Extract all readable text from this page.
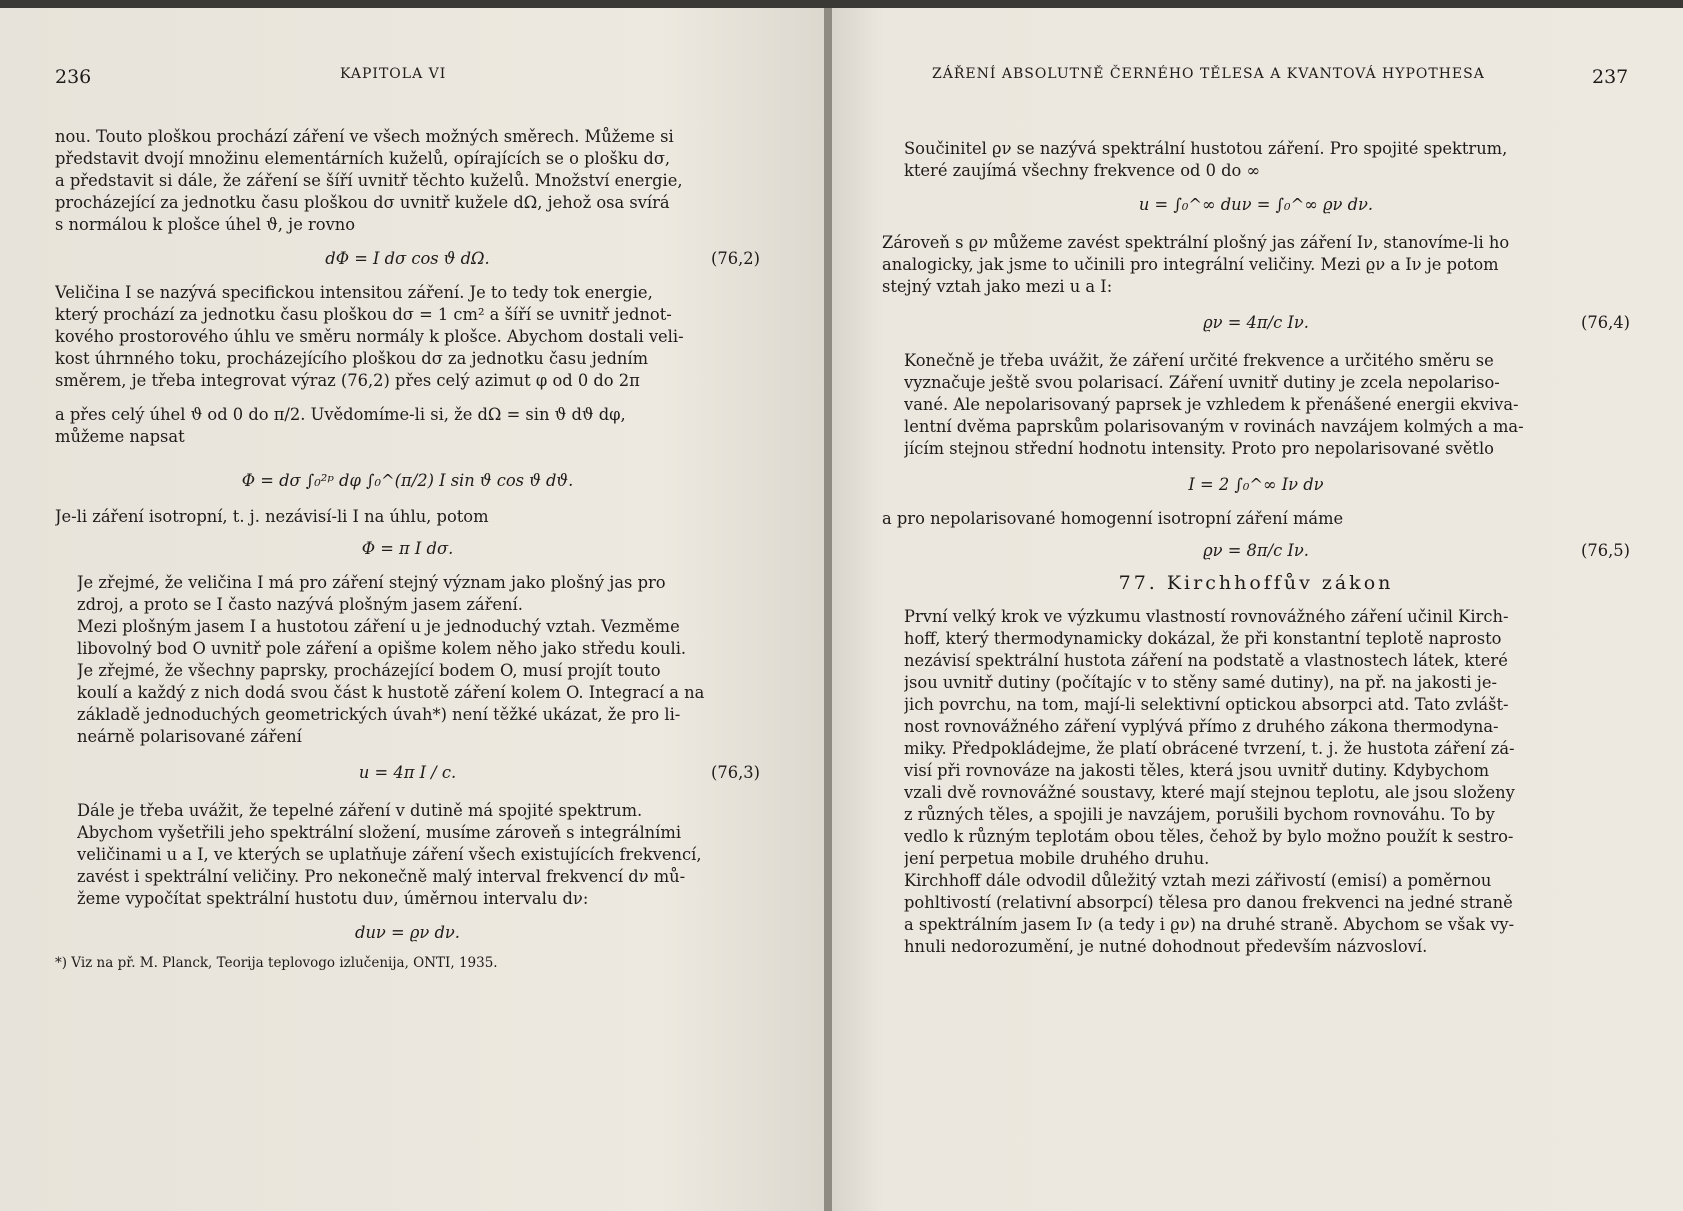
236	KAPITOLA VI
nou. Touto ploškou prochází záření ve všech možných směrech. Můžeme si
představit dvojí množinu elementárních kuželů, opírajících se o plošku dσ,
a představit si dále, že záření se šíří uvnitř těchto kuželů. Množství energie,
procházející za jednotku času ploškou dσ uvnitř kužele dΩ, jehož osa svírá
s normálou k plošce úhel ϑ, je rovno
dΦ = I dσ cos ϑ dΩ.	(76,2)
Veličina I se nazývá specifickou intensitou záření. Je to tedy tok energie,
který prochází za jednotku času ploškou dσ = 1 cm² a šíří se uvnitř jednot-
kového prostorového úhlu ve směru normály k plošce. Abychom dostali veli-
kost úhrnného toku, procházejícího ploškou dσ za jednotku času jedním
směrem, je třeba integrovat výraz (76,2) přes celý azimut φ od 0 do 2π
a přes celý úhel ϑ od 0 do π/2. Uvědomíme-li si, že dΩ = sin ϑ dϑ dφ,
můžeme napsat
Φ = dσ ∫₀²ᵖ dφ ∫₀^(π/2) I sin ϑ cos ϑ dϑ.
Je-li záření isotropní, t. j. nezávisí-li I na úhlu, potom
Φ = π I dσ.
Je zřejmé, že veličina I má pro záření stejný význam jako plošný jas pro
zdroj, a proto se I často nazývá plošným jasem záření.
Mezi plošným jasem I a hustotou záření u je jednoduchý vztah. Vezměme
libovolný bod O uvnitř pole záření a opišme kolem něho jako středu kouli.
Je zřejmé, že všechny paprsky, procházející bodem O, musí projít touto
koulí a každý z nich dodá svou část k hustotě záření kolem O. Integrací a na
základě jednoduchých geometrických úvah*) není těžké ukázat, že pro li-
neárně polarisované záření
u = 4π I / c.	(76,3)
Dále je třeba uvážit, že tepelné záření v dutině má spojité spektrum.
Abychom vyšetřili jeho spektrální složení, musíme zároveň s integrálními
veličinami u a I, ve kterých se uplatňuje záření všech existujících frekvencí,
zavést i spektrální veličiny. Pro nekonečně malý interval frekvencí dν mů-
žeme vypočítat spektrální hustotu duν, úměrnou intervalu dν:
duν = ϱν dν.
*) Viz na př. M. Planck, Teorija teplovogo izlučenija, ONTI, 1935.
ZÁŘENÍ ABSOLUTNĚ ČERNÉHO TĚLESA A KVANTOVÁ HYPOTHESA	237
Součinitel ϱν se nazývá spektrální hustotou záření. Pro spojité spektrum,
které zaujímá všechny frekvence od 0 do ∞
u = ∫₀^∞ duν = ∫₀^∞ ϱν dν.
Zároveň s ϱν můžeme zavést spektrální plošný jas záření Iν, stanovíme-li ho
analogicky, jak jsme to učinili pro integrální veličiny. Mezi ϱν a Iν je potom
stejný vztah jako mezi u a I:
ϱν = 4π/c Iν.	(76,4)
Konečně je třeba uvážit, že záření určité frekvence a určitého směru se
vyznačuje ještě svou polarisací. Záření uvnitř dutiny je zcela nepolariso-
vané. Ale nepolarisovaný paprsek je vzhledem k přenášené energii ekviva-
lentní dvěma paprskům polarisovaným v rovinách navzájem kolmých a ma-
jícím stejnou střední hodnotu intensity. Proto pro nepolarisované světlo
I = 2 ∫₀^∞ Iν dν
a pro nepolarisované homogenní isotropní záření máme
ϱν = 8π/c Iν.	(76,5)
77. Kirchhoffův zákon
První velký krok ve výzkumu vlastností rovnovážného záření učinil Kirch-
hoff, který thermodynamicky dokázal, že při konstantní teplotě naprosto
nezávisí spektrální hustota záření na podstatě a vlastnostech látek, které
jsou uvnitř dutiny (počítajíc v to stěny samé dutiny), na př. na jakosti je-
jich povrchu, na tom, mají-li selektivní optickou absorpci atd. Tato zvlášt-
nost rovnovážného záření vyplývá přímo z druhého zákona thermodyna-
miky. Předpokládejme, že platí obrácené tvrzení, t. j. že hustota záření zá-
visí při rovnováze na jakosti těles, která jsou uvnitř dutiny. Kdybychom
vzali dvě rovnovážné soustavy, které mají stejnou teplotu, ale jsou složeny
z různých těles, a spojili je navzájem, porušili bychom rovnováhu. To by
vedlo k různým teplotám obou těles, čehož by bylo možno použít k sestro-
jení perpetua mobile druhého druhu.
Kirchhoff dále odvodil důležitý vztah mezi zářivostí (emisí) a poměrnou
pohltivostí (relativní absorpcí) tělesa pro danou frekvenci na jedné straně
a spektrálním jasem Iν (a tedy i ϱν) na druhé straně. Abychom se však vy-
hnuli nedorozumění, je nutné dohodnout především názvosloví.
